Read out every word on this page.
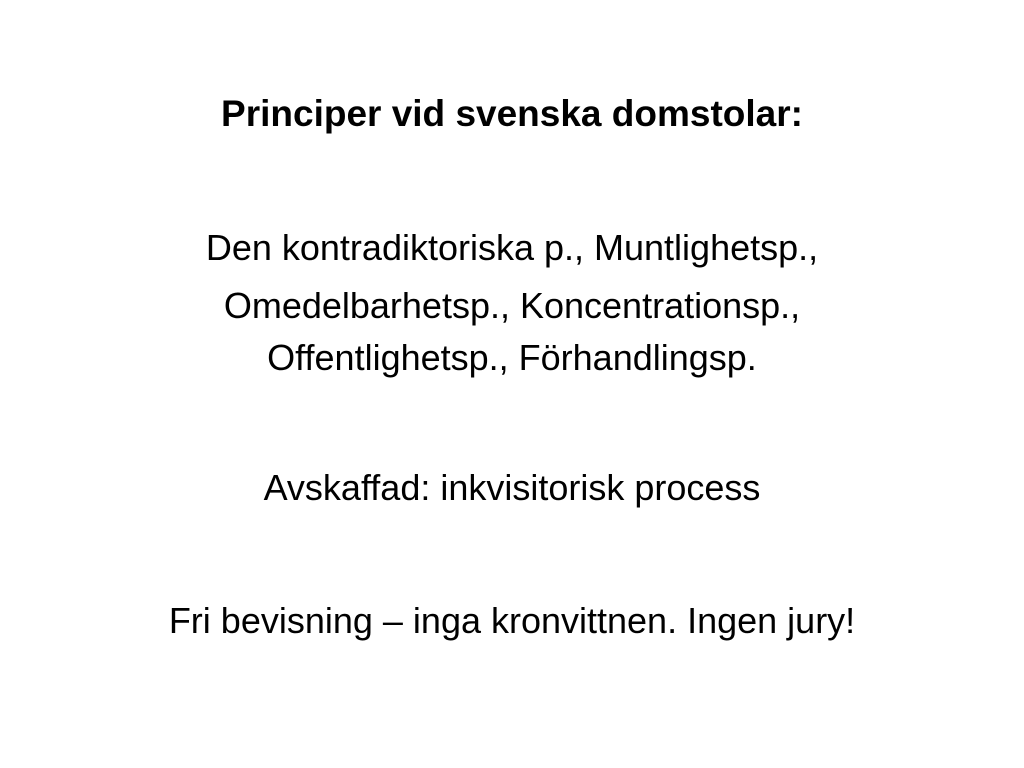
Principer vid svenska domstolar:
Den kontradiktoriska p., Muntlighetsp.,
Omedelbarhetsp., Koncentrationsp.,
Offentlighetsp., Förhandlingsp.
Avskaffad: inkvisitorisk process
Fri bevisning – inga kronvittnen. Ingen jury!
